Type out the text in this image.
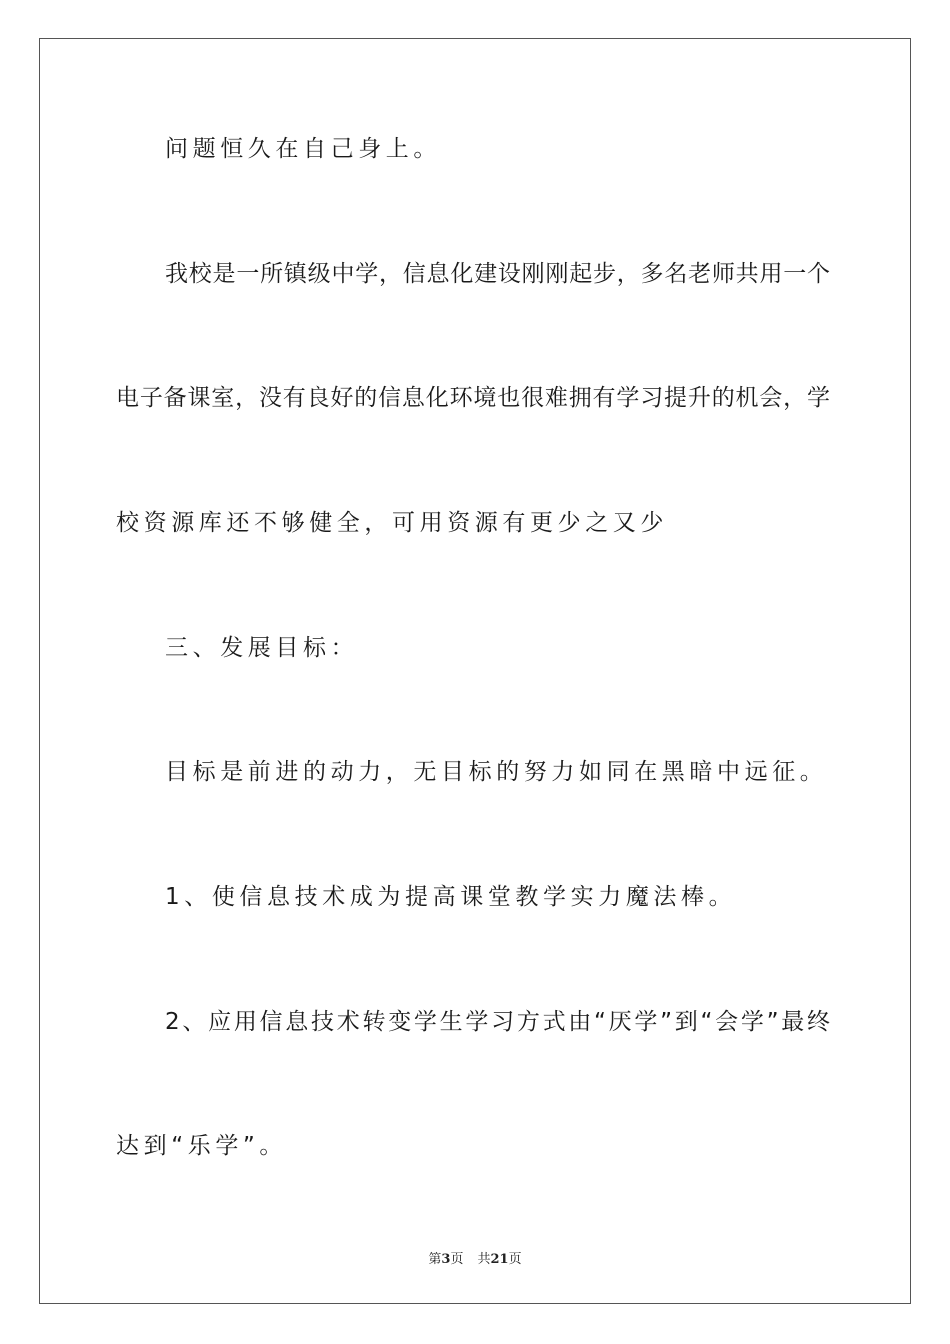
问题恒久在自己身上。
我校是一所镇级中学，信息化建设刚刚起步，多名老师共用一个
电子备课室，没有良好的信息化环境也很难拥有学习提升的机会，学
校资源库还不够健全，可用资源有更少之又少
三、发展目标：
目标是前进的动力，无目标的努力如同在黑暗中远征。
1、使信息技术成为提高课堂教学实力魔法棒。
2、应用信息技术转变学生学习方式由“厌学”到“会学”最终
达到“乐学”。
第3页 共21页
